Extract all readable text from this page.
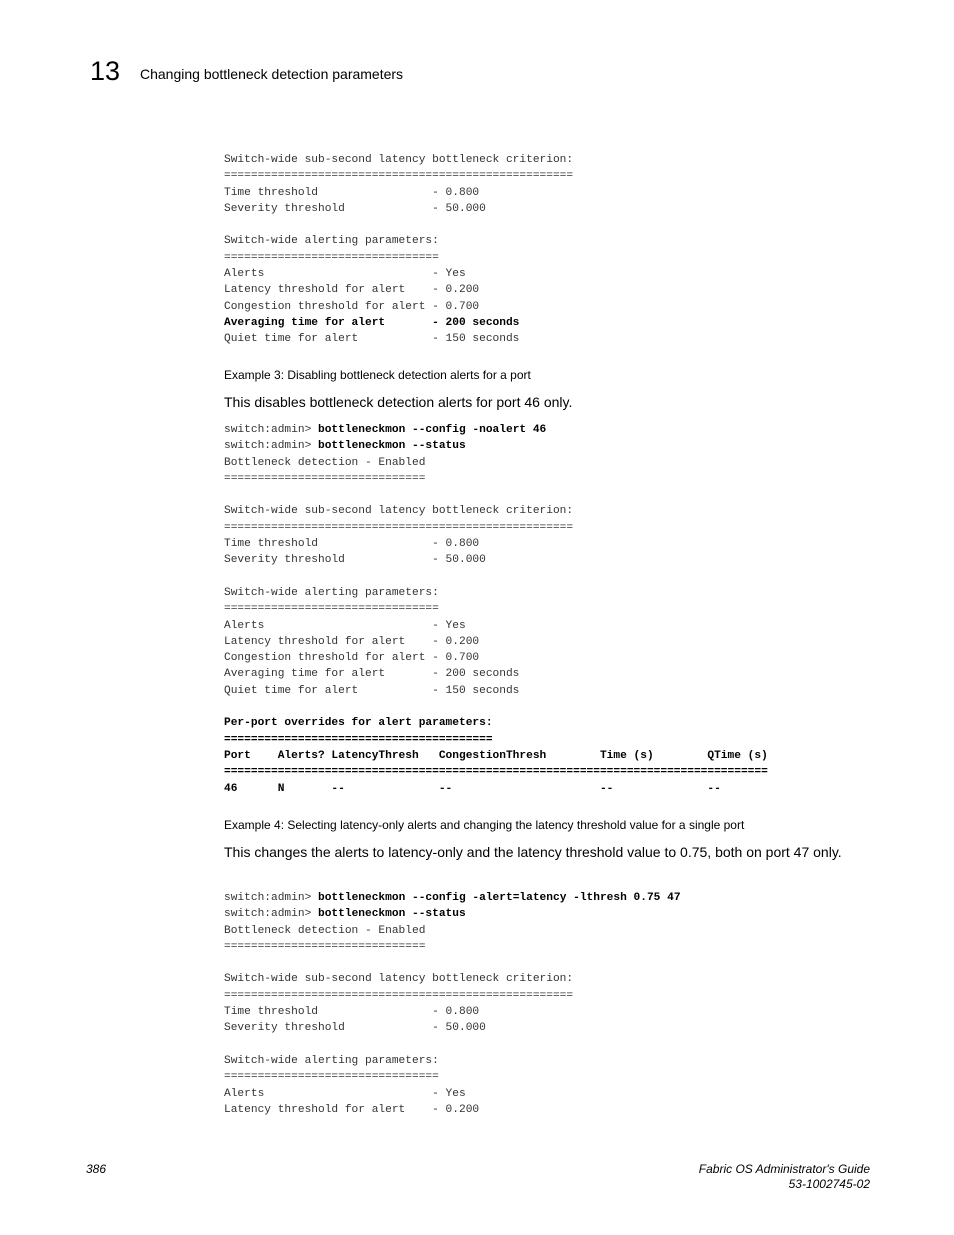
13 Changing bottleneck detection parameters
Switch-wide sub-second latency bottleneck criterion:
====================================================
Time threshold                 - 0.800
Severity threshold             - 50.000

Switch-wide alerting parameters:
================================
Alerts                         - Yes
Latency threshold for alert    - 0.200
Congestion threshold for alert - 0.700
Averaging time for alert       - 200 seconds
Quiet time for alert           - 150 seconds
Example 3: Disabling bottleneck detection alerts for a port
This disables bottleneck detection alerts for port 46 only.
switch:admin> bottleneckmon --config -noalert 46
switch:admin> bottleneckmon --status
Bottleneck detection - Enabled
==============================

Switch-wide sub-second latency bottleneck criterion:
====================================================
Time threshold                 - 0.800
Severity threshold             - 50.000

Switch-wide alerting parameters:
================================
Alerts                         - Yes
Latency threshold for alert    - 0.200
Congestion threshold for alert - 0.700
Averaging time for alert       - 200 seconds
Quiet time for alert           - 150 seconds

Per-port overrides for alert parameters:
========================================
Port    Alerts? LatencyThresh   CongestionThresh        Time (s)        QTime (s)
=================================================================================
46      N       --              --                      --              --
Example 4: Selecting latency-only alerts and changing the latency threshold value for a single port
This changes the alerts to latency-only and the latency threshold value to 0.75, both on port 47 only.
switch:admin> bottleneckmon --config -alert=latency -lthresh 0.75 47
switch:admin> bottleneckmon --status
Bottleneck detection - Enabled
==============================

Switch-wide sub-second latency bottleneck criterion:
====================================================
Time threshold                 - 0.800
Severity threshold             - 50.000

Switch-wide alerting parameters:
================================
Alerts                         - Yes
Latency threshold for alert    - 0.200
386	Fabric OS Administrator's Guide
53-1002745-02
